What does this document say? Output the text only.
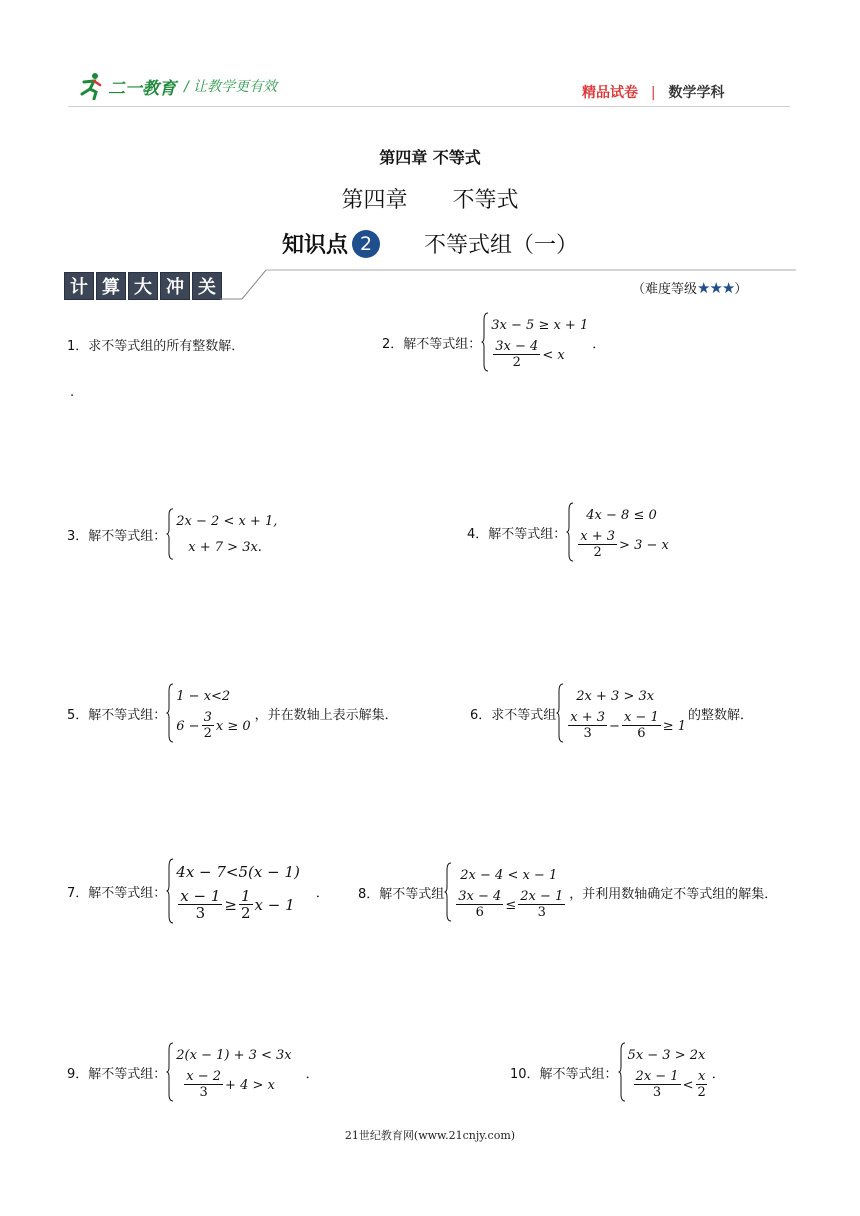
二一教育 / 让教学更有效	精品试卷 | 数学学科
第四章 不等式
第四章 不等式
知识点 2	不等式组（一）
计 算 大 冲 关	（难度等级★★★）
1．求不等式组的所有整数解．
.
2．解不等式组：
3x − 5 ≥ x + 1
$\frac{3x - 4}{2} < x$
．
3．解不等式组：
2x − 2 < x + 1,
x + 7 > 3x.
4．解不等式组：
4x − 8 ≤ 0
$\frac{x + 3}{2} > 3 - x$
5．解不等式组：
1 − x<2
$6 - \frac{3}{2}$ x ≥ 0
，并在数轴上表示解集．	6．求不等式组
2x + 3 > 3x
$\frac{x + 3}{3} - \frac{x - 1}{6} \ge 1$
的整数解．
7．解不等式组：
4x − 7<5(x − 1)
$\frac{x - 1}{3} \ge \frac{1}{2}$ x − 1
． 8．解不等式组
2x − 4 < x − 1
$\frac{3x - 4}{6} \le \frac{2x - 1}{3}$ ，并利用数轴确定不等式组的解集．
9．解不等式组：
2(x − 1) + 3 < 3x
$\frac{x - 2}{3} + 4 > x$
．	10．解不等式组：
5x − 3 > 2x
$\frac{2x - 1}{3} < \frac{x}{2}$ ．
21世纪教育网(www.21cnjy.com)
